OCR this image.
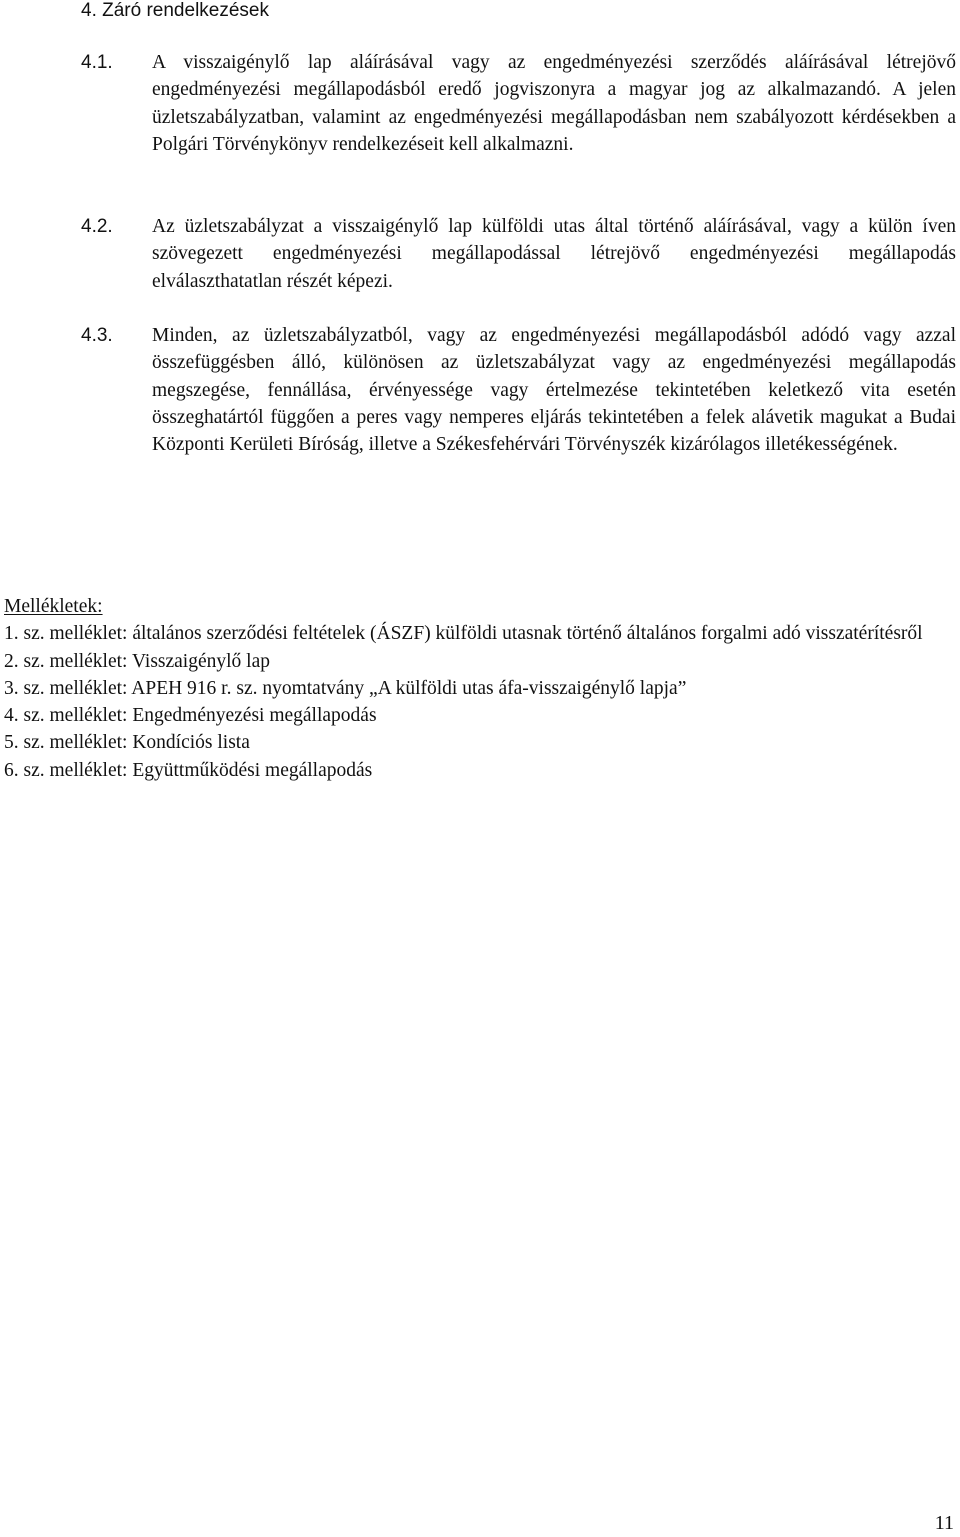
4. Záró rendelkezések
4.1. A visszaigénylő lap aláírásával vagy az engedményezési szerződés aláírásával létrejövő engedményezési megállapodásból eredő jogviszonyra a magyar jog az alkalmazandó. A jelen üzletszabályzatban, valamint az engedményezési megállapodásban nem szabályozott kérdésekben a Polgári Törvénykönyv rendelkezéseit kell alkalmazni.
4.2. Az üzletszabályzat a visszaigénylő lap külföldi utas által történő aláírásával, vagy a külön íven szövegezett engedményezési megállapodással létrejövő engedményezési megállapodás elválaszthatatlan részét képezi.
4.3. Minden, az üzletszabályzatból, vagy az engedményezési megállapodásból adódó vagy azzal összefüggésben álló, különösen az üzletszabályzat vagy az engedményezési megállapodás megszegése, fennállása, érvényessége vagy értelmezése tekintetében keletkező vita esetén összeghatártól függően a peres vagy nemperes eljárás tekintetében a felek alávetik magukat a Budai Központi Kerületi Bíróság, illetve a Székesfehérvári Törvényszék kizárólagos illetékességének.
Mellékletek:
1. sz. melléklet: általános szerződési feltételek (ÁSZF) külföldi utasnak történő általános forgalmi adó visszatérítésről
2. sz. melléklet: Visszaigénylő lap
3. sz. melléklet: APEH 916 r. sz. nyomtatvány „A külföldi utas áfa-visszaigénylő lapja”
4. sz. melléklet: Engedményezési megállapodás
5. sz. melléklet: Kondíciós lista
6. sz. melléklet: Együttműködési megállapodás
11
